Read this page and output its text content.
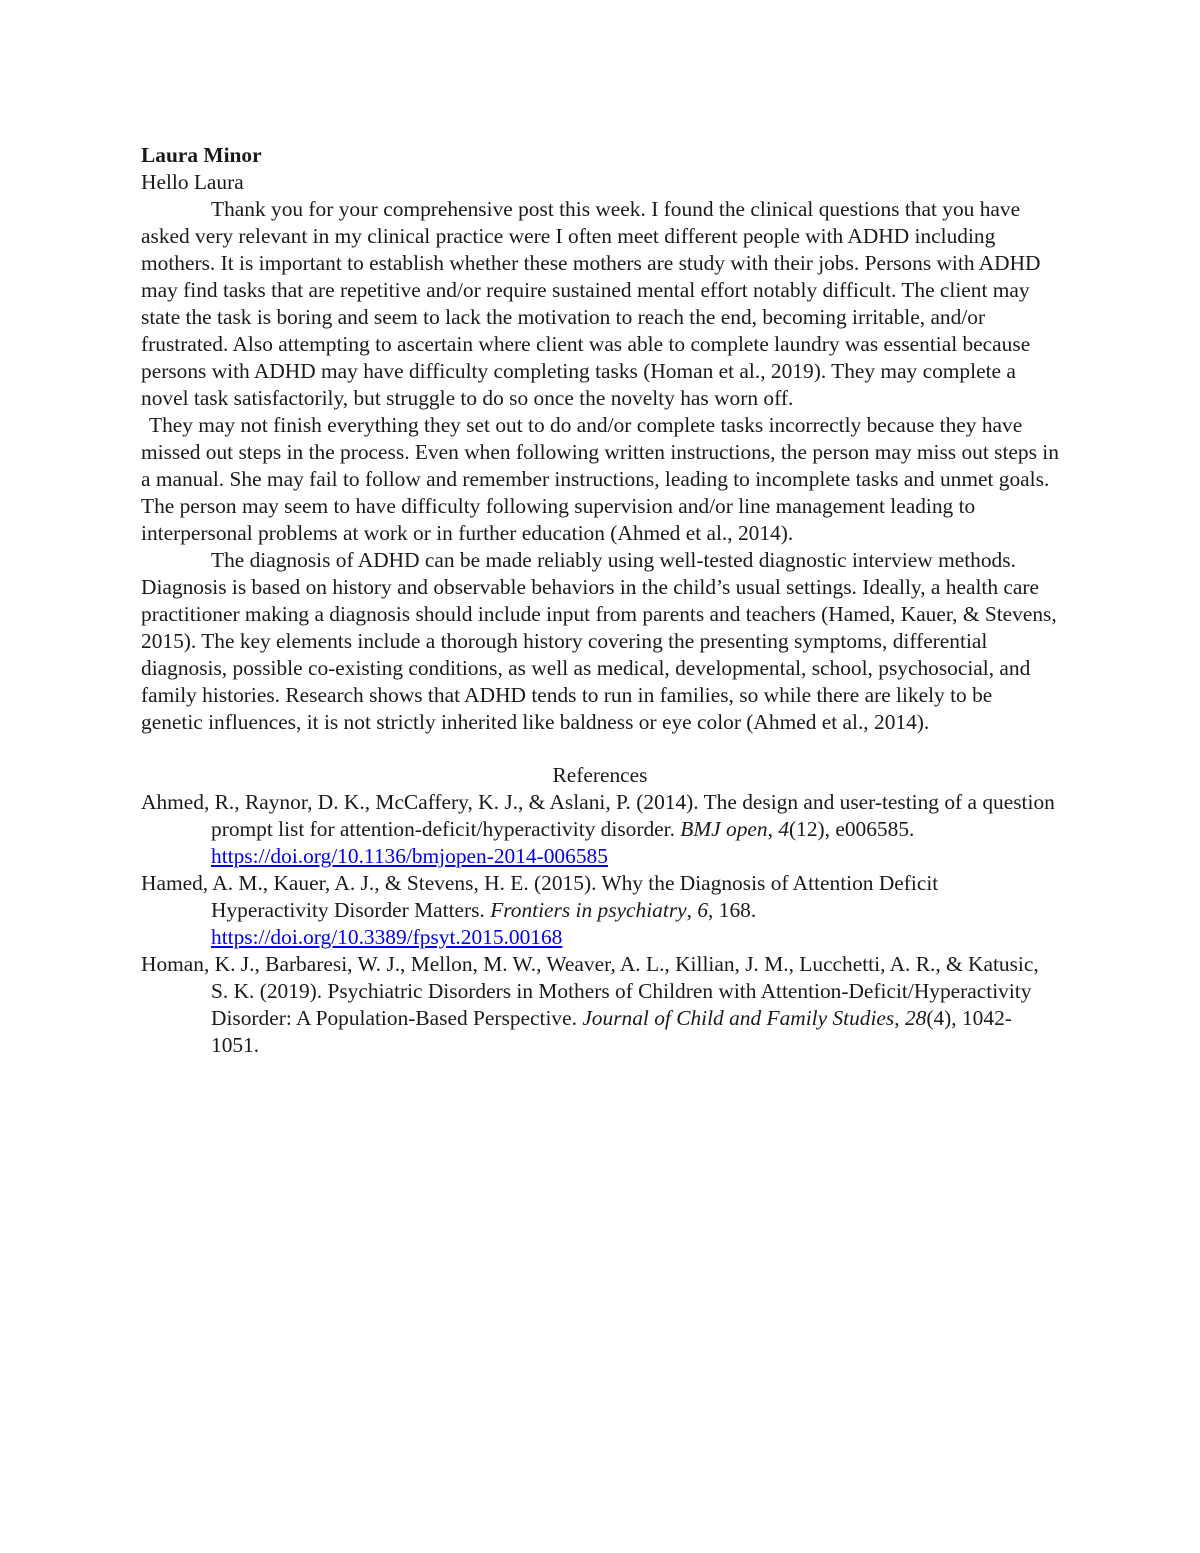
Laura Minor

Hello Laura

Thank you for your comprehensive post this week. I found the clinical questions that you have asked very relevant in my clinical practice were I often meet different people with ADHD including mothers. It is important to establish whether these mothers are study with their jobs. Persons with ADHD may find tasks that are repetitive and/or require sustained mental effort notably difficult. The client may state the task is boring and seem to lack the motivation to reach the end, becoming irritable, and/or frustrated. Also attempting to ascertain where client was able to complete laundry was essential because persons with ADHD may have difficulty completing tasks (Homan et al., 2019). They may complete a novel task satisfactorily, but struggle to do so once the novelty has worn off.

They may not finish everything they set out to do and/or complete tasks incorrectly because they have missed out steps in the process. Even when following written instructions, the person may miss out steps in a manual. She may fail to follow and remember instructions, leading to incomplete tasks and unmet goals. The person may seem to have difficulty following supervision and/or line management leading to interpersonal problems at work or in further education (Ahmed et al., 2014).

The diagnosis of ADHD can be made reliably using well-tested diagnostic interview methods. Diagnosis is based on history and observable behaviors in the child’s usual settings. Ideally, a health care practitioner making a diagnosis should include input from parents and teachers (Hamed, Kauer, & Stevens, 2015). The key elements include a thorough history covering the presenting symptoms, differential diagnosis, possible co-existing conditions, as well as medical, developmental, school, psychosocial, and family histories. Research shows that ADHD tends to run in families, so while there are likely to be genetic influences, it is not strictly inherited like baldness or eye color (Ahmed et al., 2014).

References

Ahmed, R., Raynor, D. K., McCaffery, K. J., & Aslani, P. (2014). The design and user-testing of a question prompt list for attention-deficit/hyperactivity disorder. BMJ open, 4(12), e006585. https://doi.org/10.1136/bmjopen-2014-006585

Hamed, A. M., Kauer, A. J., & Stevens, H. E. (2015). Why the Diagnosis of Attention Deficit Hyperactivity Disorder Matters. Frontiers in psychiatry, 6, 168. https://doi.org/10.3389/fpsyt.2015.00168

Homan, K. J., Barbaresi, W. J., Mellon, M. W., Weaver, A. L., Killian, J. M., Lucchetti, A. R., & Katusic, S. K. (2019). Psychiatric Disorders in Mothers of Children with Attention-Deficit/Hyperactivity Disorder: A Population-Based Perspective. Journal of Child and Family Studies, 28(4), 1042-1051.
